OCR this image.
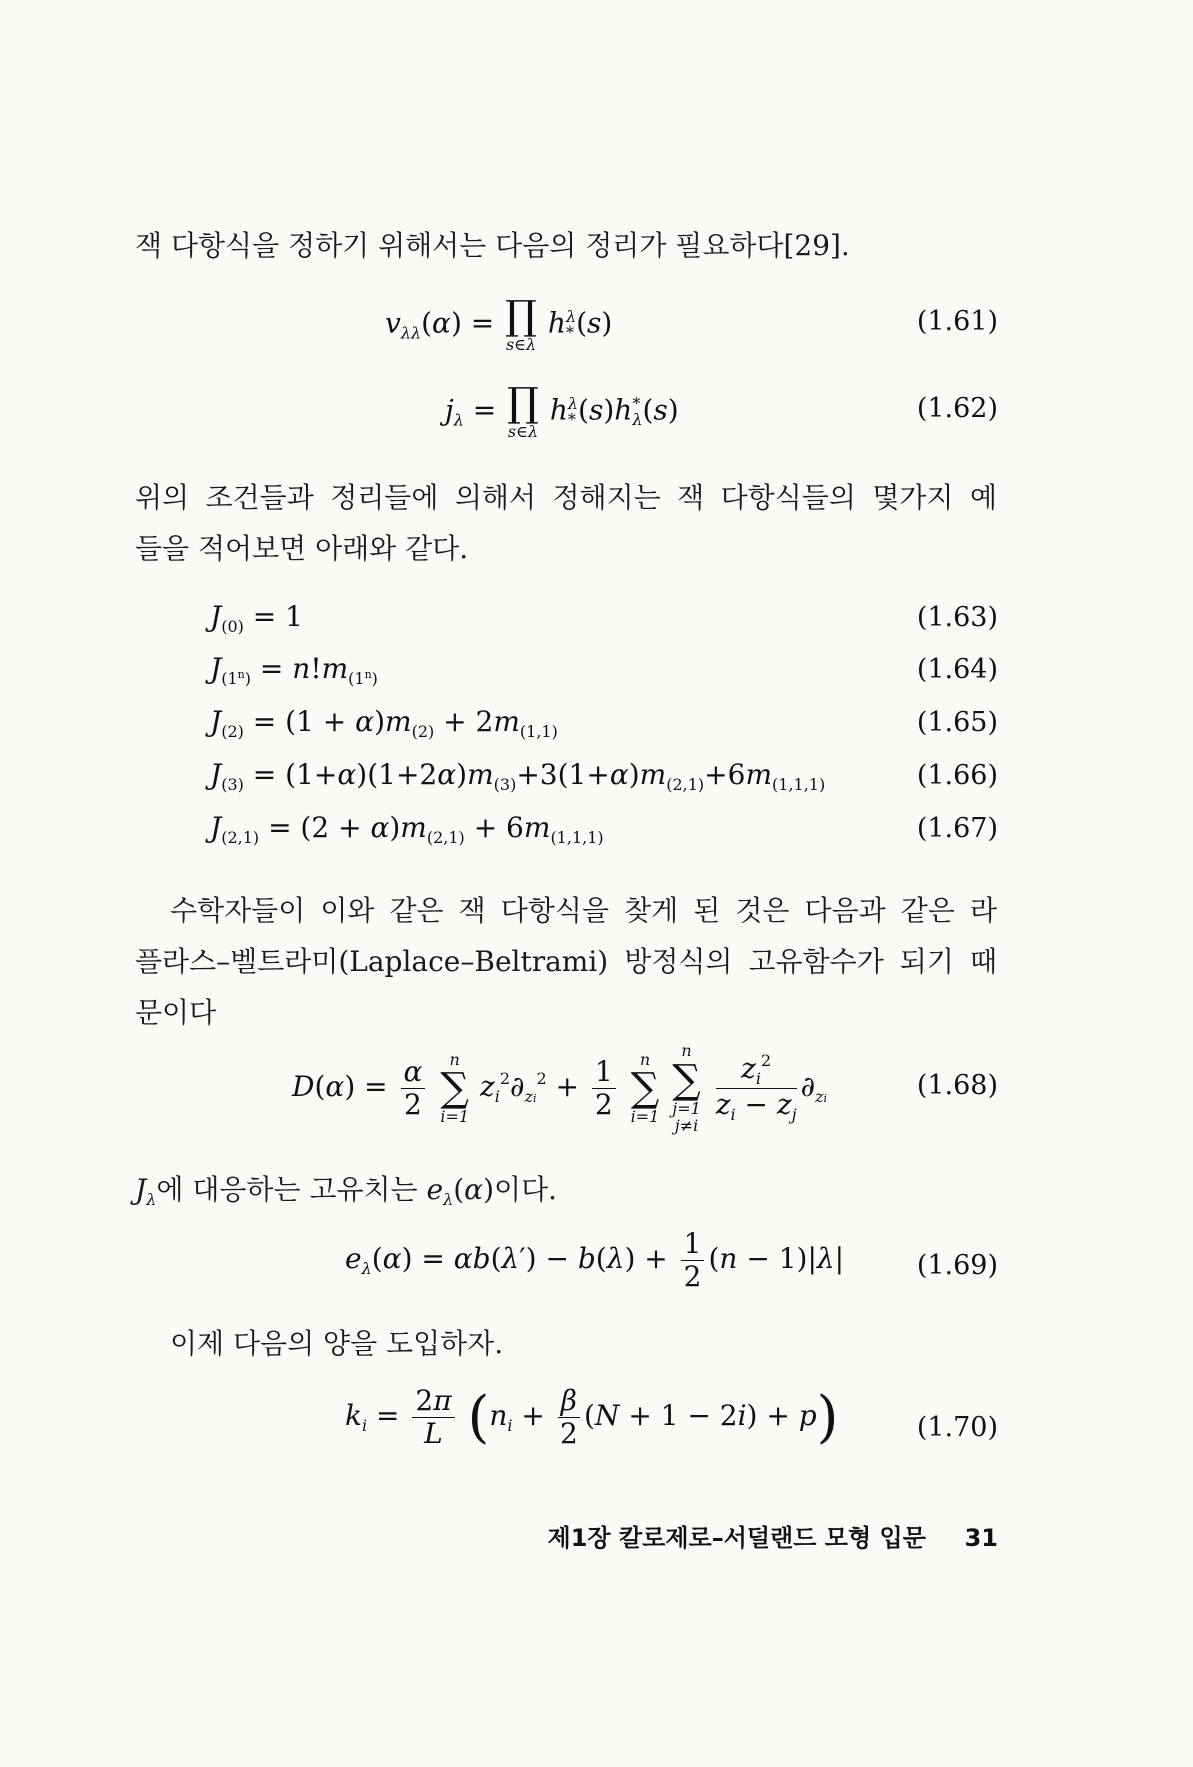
잭 다항식을 정하기 위해서는 다음의 정리가 필요하다[29].
$v_{\lambda\lambda}(\alpha)$ = ∏
s∈λ
h λ
* (s)	(1.61)
$j_\lambda$ = ∏
s∈λ
h λ
* (s)h *
λ (s)	(1.62)
위의 조건들과 정리들에 의해서 정해지는 잭 다항식들의 몇가지 예
들을 적어보면 아래와 같다.
$J_{(0)} = 1$	(1.63)
$J_{(1^n)} = n!m_{(1^n)}$	(1.64)
$J_{(2)} = (1 + \alpha)m_{(2)} + 2m_{(1,1)}$	(1.65)
$J_{(3)} = (1+\alpha)(1+2\alpha)m_{(3)}+3(1+\alpha)m_{(2,1)}+6m_{(1,1,1)}$	(1.66)
$J_{(2,1)} = (2 + \alpha)m_{(2,1)} + 6m_{(1,1,1)}$	(1.67)
수학자들이 이와 같은 잭 다항식을 찾게 된 것은 다음과 같은 라
플라스–벨트라미(Laplace–Beltrami) 방정식의 고유함수가 되기 때
문이다
$D(\alpha) = \frac{\alpha}{2}$
	n
∑
i=1
$z_i^2\partial_{zi}^2 + \frac{1}{2}$
	n
∑
i=1

n
∑
j=1
j≠i

$\frac{z_i^2}{z_i - z_j} \partial_{zi}$	(1.68)
$J_\lambda$에 대응하는 고유치는 $e_\lambda(\alpha)$이다.
$e_\lambda(\alpha) = \alpha b(\lambda') - b(\lambda) + \frac{1}{2} (n - 1)|\lambda|$	(1.69)
이제 다음의 양을 도입하자.
$k_i = \frac{2\pi}{L} (n_i + \frac{\beta}{2} (N + 1 - 2i) + p)$	(1.70)
제1장 칼로제로–서덜랜드 모형 입문 31
